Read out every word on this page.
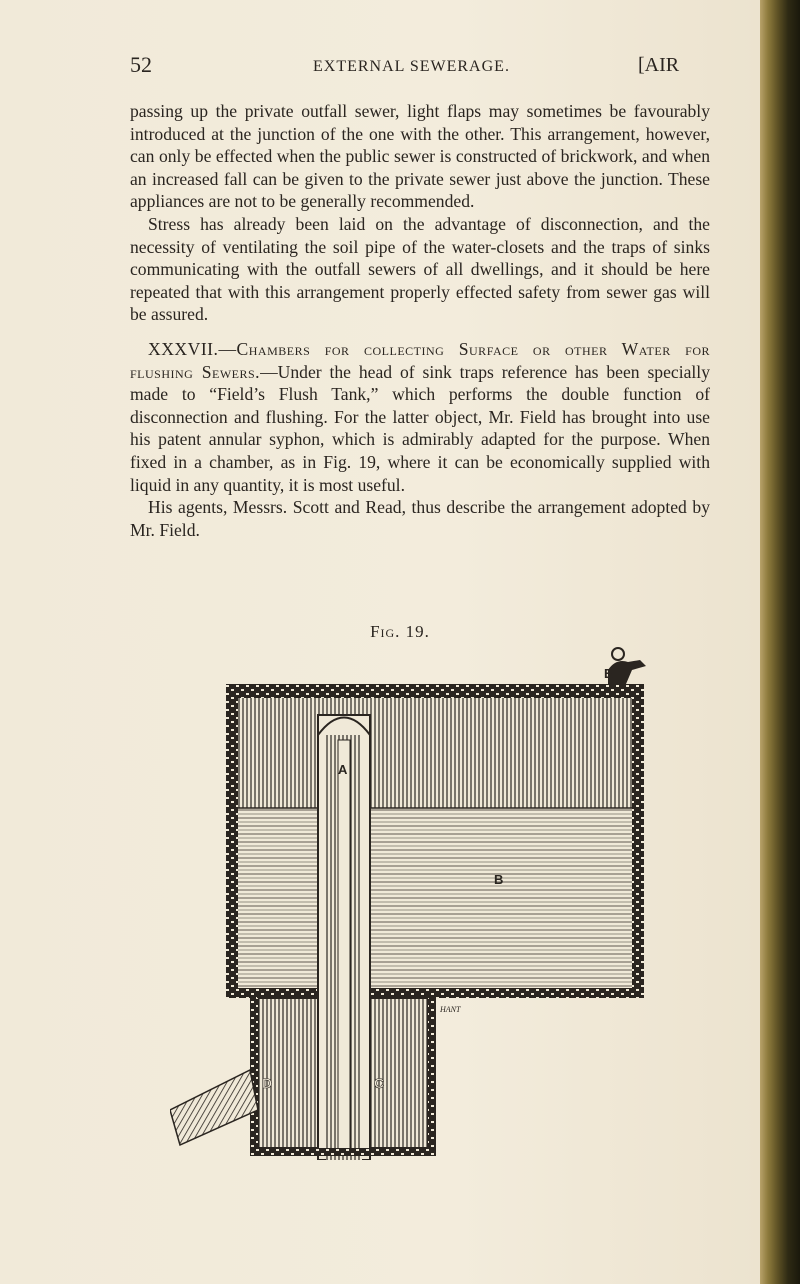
52	EXTERNAL SEWERAGE.	[AIR

passing up the private outfall sewer, light flaps may sometimes be favourably introduced at the junction of the one with the other. This arrangement, however, can only be effected when the public sewer is constructed of brickwork, and when an increased fall can be given to the private sewer just above the junction. These appliances are not to be generally recommended.

Stress has already been laid on the advantage of disconnection, and the necessity of ventilating the soil pipe of the water-closets and the traps of sinks communicating with the outfall sewers of all dwellings, and it should be here repeated that with this arrangement properly effected safety from sewer gas will be assured.

XXXVII.—Chambers for collecting Surface or other Water for flushing Sewers.—Under the head of sink traps reference has been specially made to “Field’s Flush Tank,” which performs the double function of disconnection and flushing. For the latter object, Mr. Field has brought into use his patent annular syphon, which is admirably adapted for the purpose. When fixed in a chamber, as in Fig. 19, where it can be economically supplied with liquid in any quantity, it is most useful.

His agents, Messrs. Scott and Read, thus describe the arrangement adopted by Mr. Field.

Fig. 19.
E
A
B
D	C
HANT
